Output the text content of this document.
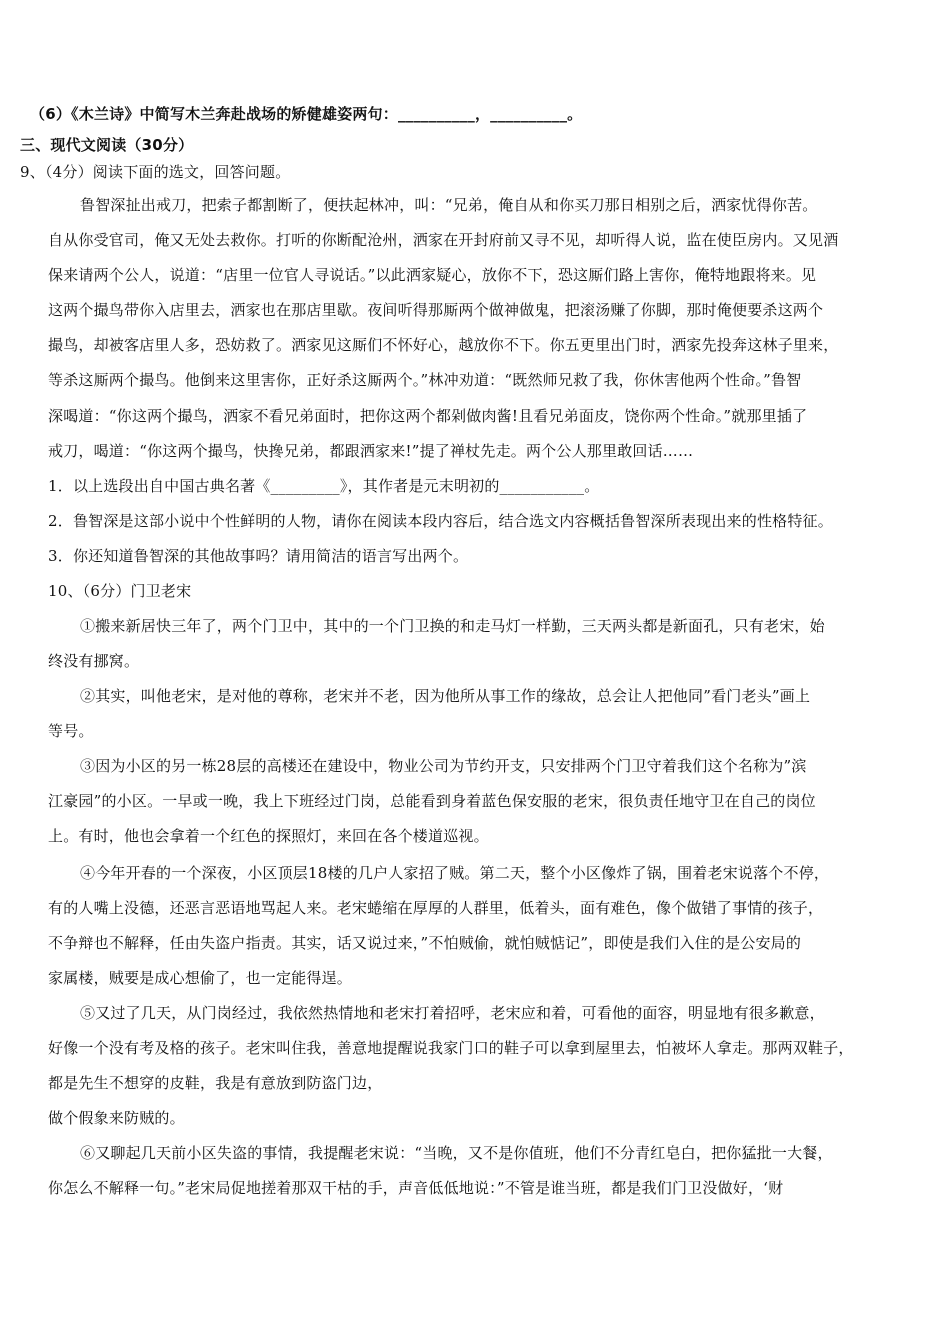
（6）《木兰诗》中简写木兰奔赴战场的矫健雄姿两句：__________，__________。
三、现代文阅读（30分）
9、（4分）阅读下面的选文，回答问题。
鲁智深扯出戒刀，把索子都割断了，便扶起林冲，叫：“兄弟，俺自从和你买刀那日相别之后，洒家忧得你苦。
自从你受官司，俺又无处去救你。打听的你断配沧州，洒家在开封府前又寻不见，却听得人说，监在使臣房内。又见酒
保来请两个公人，说道：“店里一位官人寻说话。”以此洒家疑心，放你不下，恐这厮们路上害你，俺特地跟将来。见
这两个撮鸟带你入店里去，洒家也在那店里歇。夜间听得那厮两个做神做鬼，把滚汤赚了你脚，那时俺便要杀这两个
撮鸟，却被客店里人多，恐妨救了。洒家见这厮们不怀好心，越放你不下。你五更里出门时，洒家先投奔这林子里来，
等杀这厮两个撮鸟。他倒来这里害你，正好杀这厮两个。”林冲劝道：“既然师兄救了我，你休害他两个性命。”鲁智
深喝道：“你这两个撮鸟，洒家不看兄弟面时，把你这两个都剁做肉酱!且看兄弟面皮，饶你两个性命。”就那里插了
戒刀，喝道：“你这两个撮鸟，快搀兄弟，都跟洒家来!”提了禅杖先走。两个公人那里敢回话……
1．以上选段出自中国古典名著《_________》，其作者是元末明初的___________。
2．鲁智深是这部小说中个性鲜明的人物，请你在阅读本段内容后，结合选文内容概括鲁智深所表现出来的性格特征。
3．你还知道鲁智深的其他故事吗？请用简洁的语言写出两个。
10、（6分）门卫老宋
①搬来新居快三年了，两个门卫中，其中的一个门卫换的和走马灯一样勤，三天两头都是新面孔，只有老宋，始
终没有挪窝。
②其实，叫他老宋，是对他的尊称，老宋并不老，因为他所从事工作的缘故，总会让人把他同”看门老头”画上
等号。
③因为小区的另一栋28层的高楼还在建设中，物业公司为节约开支，只安排两个门卫守着我们这个名称为”滨
江豪园”的小区。一早或一晚，我上下班经过门岗，总能看到身着蓝色保安服的老宋，很负责任地守卫在自己的岗位
上。有时，他也会拿着一个红色的探照灯，来回在各个楼道巡视。
④今年开春的一个深夜，小区顶层18楼的几户人家招了贼。第二天，整个小区像炸了锅，围着老宋说落个不停，
有的人嘴上没德，还恶言恶语地骂起人来。老宋蜷缩在厚厚的人群里，低着头，面有难色，像个做错了事情的孩子，
不争辩也不解释，任由失盗户指责。其实，话又说过来，”不怕贼偷，就怕贼惦记”，即使是我们入住的是公安局的
家属楼，贼要是成心想偷了，也一定能得逞。
⑤又过了几天，从门岗经过，我依然热情地和老宋打着招呼，老宋应和着，可看他的面容，明显地有很多歉意，
好像一个没有考及格的孩子。老宋叫住我，善意地提醒说我家门口的鞋子可以拿到屋里去，怕被坏人拿走。那两双鞋子，
都是先生不想穿的皮鞋，我是有意放到防盗门边，
做个假象来防贼的。
⑥又聊起几天前小区失盗的事情，我提醒老宋说：“当晚，又不是你值班，他们不分青红皂白，把你猛批一大餐，
你怎么不解释一句。”老宋局促地搓着那双干枯的手，声音低低地说：”不管是谁当班，都是我们门卫没做好，‘财
